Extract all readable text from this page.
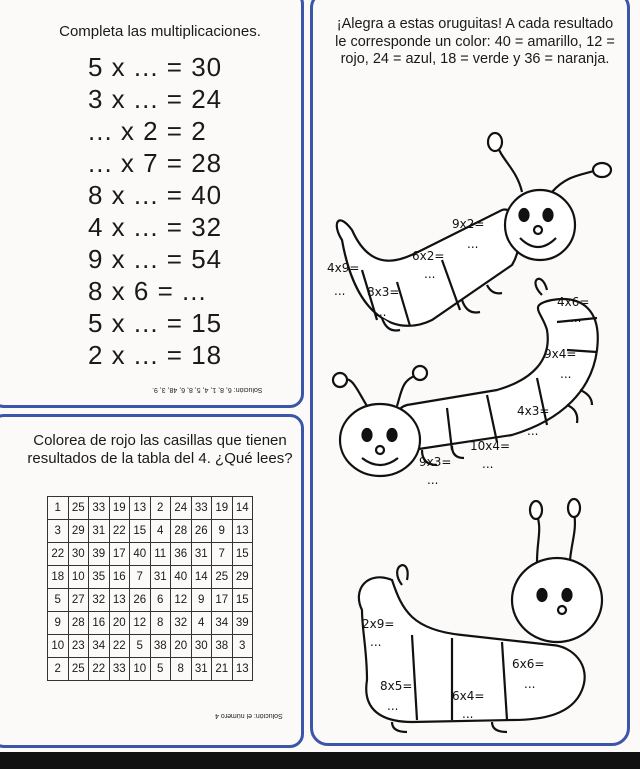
Completa las multiplicaciones.
5 x ... = 30
3 x ... = 24
... x 2 = 2
... x 7 = 28
8 x ... = 40
4 x ... = 32
9 x ... = 54
8 x 6 = ...
5 x ... = 15
2 x ... = 18
Solución: 6, 8, 1, 4, 5, 8, 6, 48, 3, 9.
Colorea de rojo las casillas que tienen resultados de la tabla del 4. ¿Qué lees?
1	25	33	19	13	2	24	33	19	14
3	29	31	22	15	4	28	26	9	13
22	30	39	17	40	11	36	31	7	15
18	10	35	16	7	31	40	14	25	29
5	27	32	13	26	6	12	9	17	15
9	28	16	20	12	8	32	4	34	39
10	23	34	22	5	38	20	30	38	3
2	25	22	33	10	5	8	31	21	13
Solución: el número 4
¡Alegra a estas oruguitas! A cada resultado le corresponde un color: 40 = amarillo, 12 = rojo, 24 = azul, 18 = verde y 36 = naranja.
9x2=
...
6x2=
...
8x3=
...
4x9=
...
4x6=
...
9x4=
...
4x3=
...
10x4=
...
9x3=
...
2x9=
...
6x6=
...
6x4=
...
8x5=
...
